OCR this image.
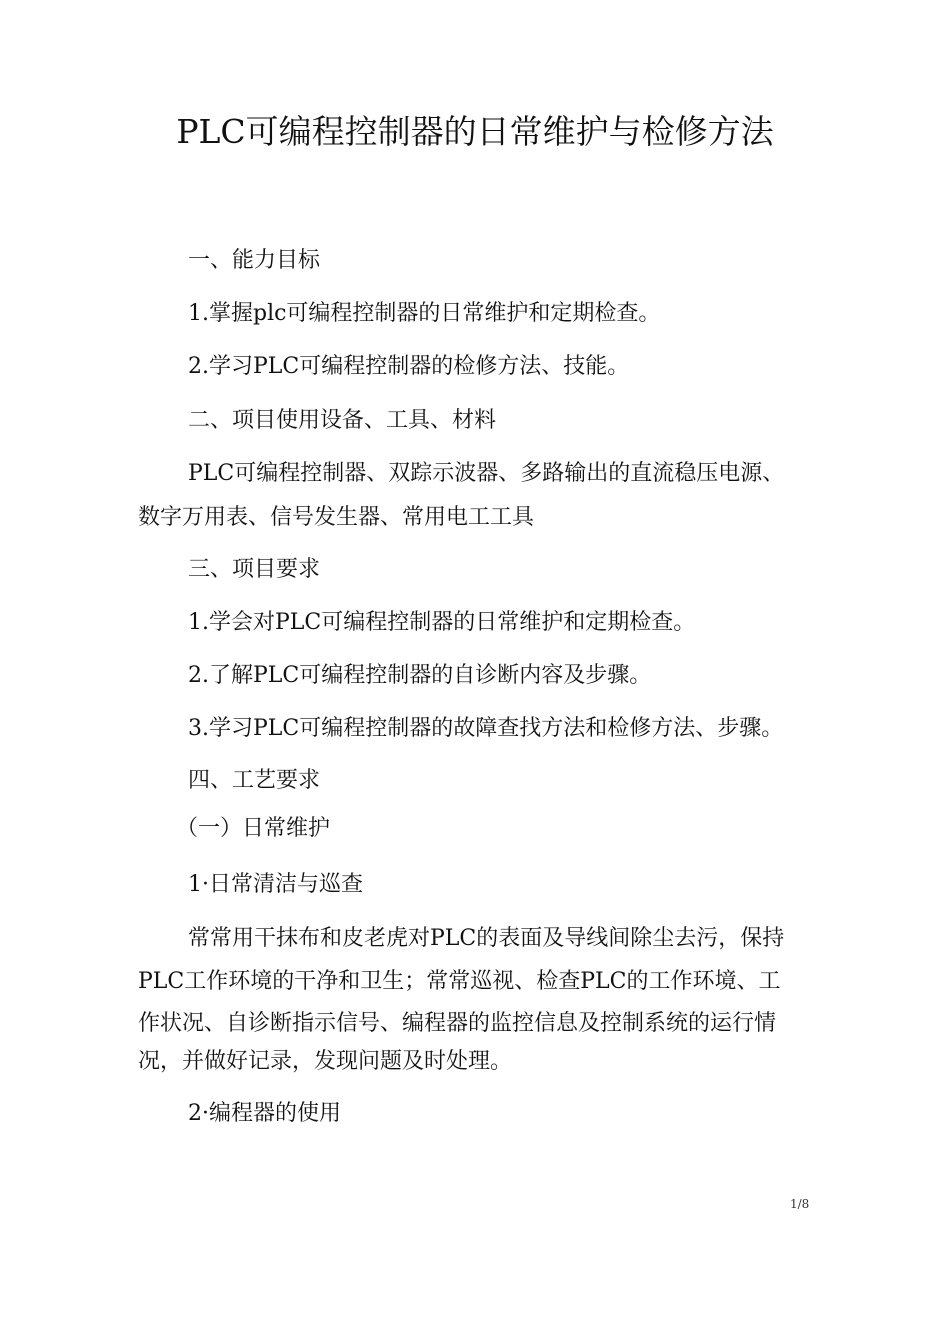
PLC可编程控制器的日常维护与检修方法
一、能力目标
1.掌握plc可编程控制器的日常维护和定期检查。
2.学习PLC可编程控制器的检修方法、技能。
二、项目使用设备、工具、材料
PLC可编程控制器、双踪示波器、多路输出的直流稳压电源、
数字万用表、信号发生器、常用电工工具
三、项目要求
1.学会对PLC可编程控制器的日常维护和定期检查。
2.了解PLC可编程控制器的自诊断内容及步骤。
3.学习PLC可编程控制器的故障查找方法和检修方法、步骤。
四、工艺要求
（一）日常维护
1·日常清洁与巡查
常常用干抹布和皮老虎对PLC的表面及导线间除尘去污，保持
PLC工作环境的干净和卫生；常常巡视、检查PLC的工作环境、工
作状况、自诊断指示信号、编程器的监控信息及控制系统的运行情
况，并做好记录，发现问题及时处理。
2·编程器的使用
1/8
